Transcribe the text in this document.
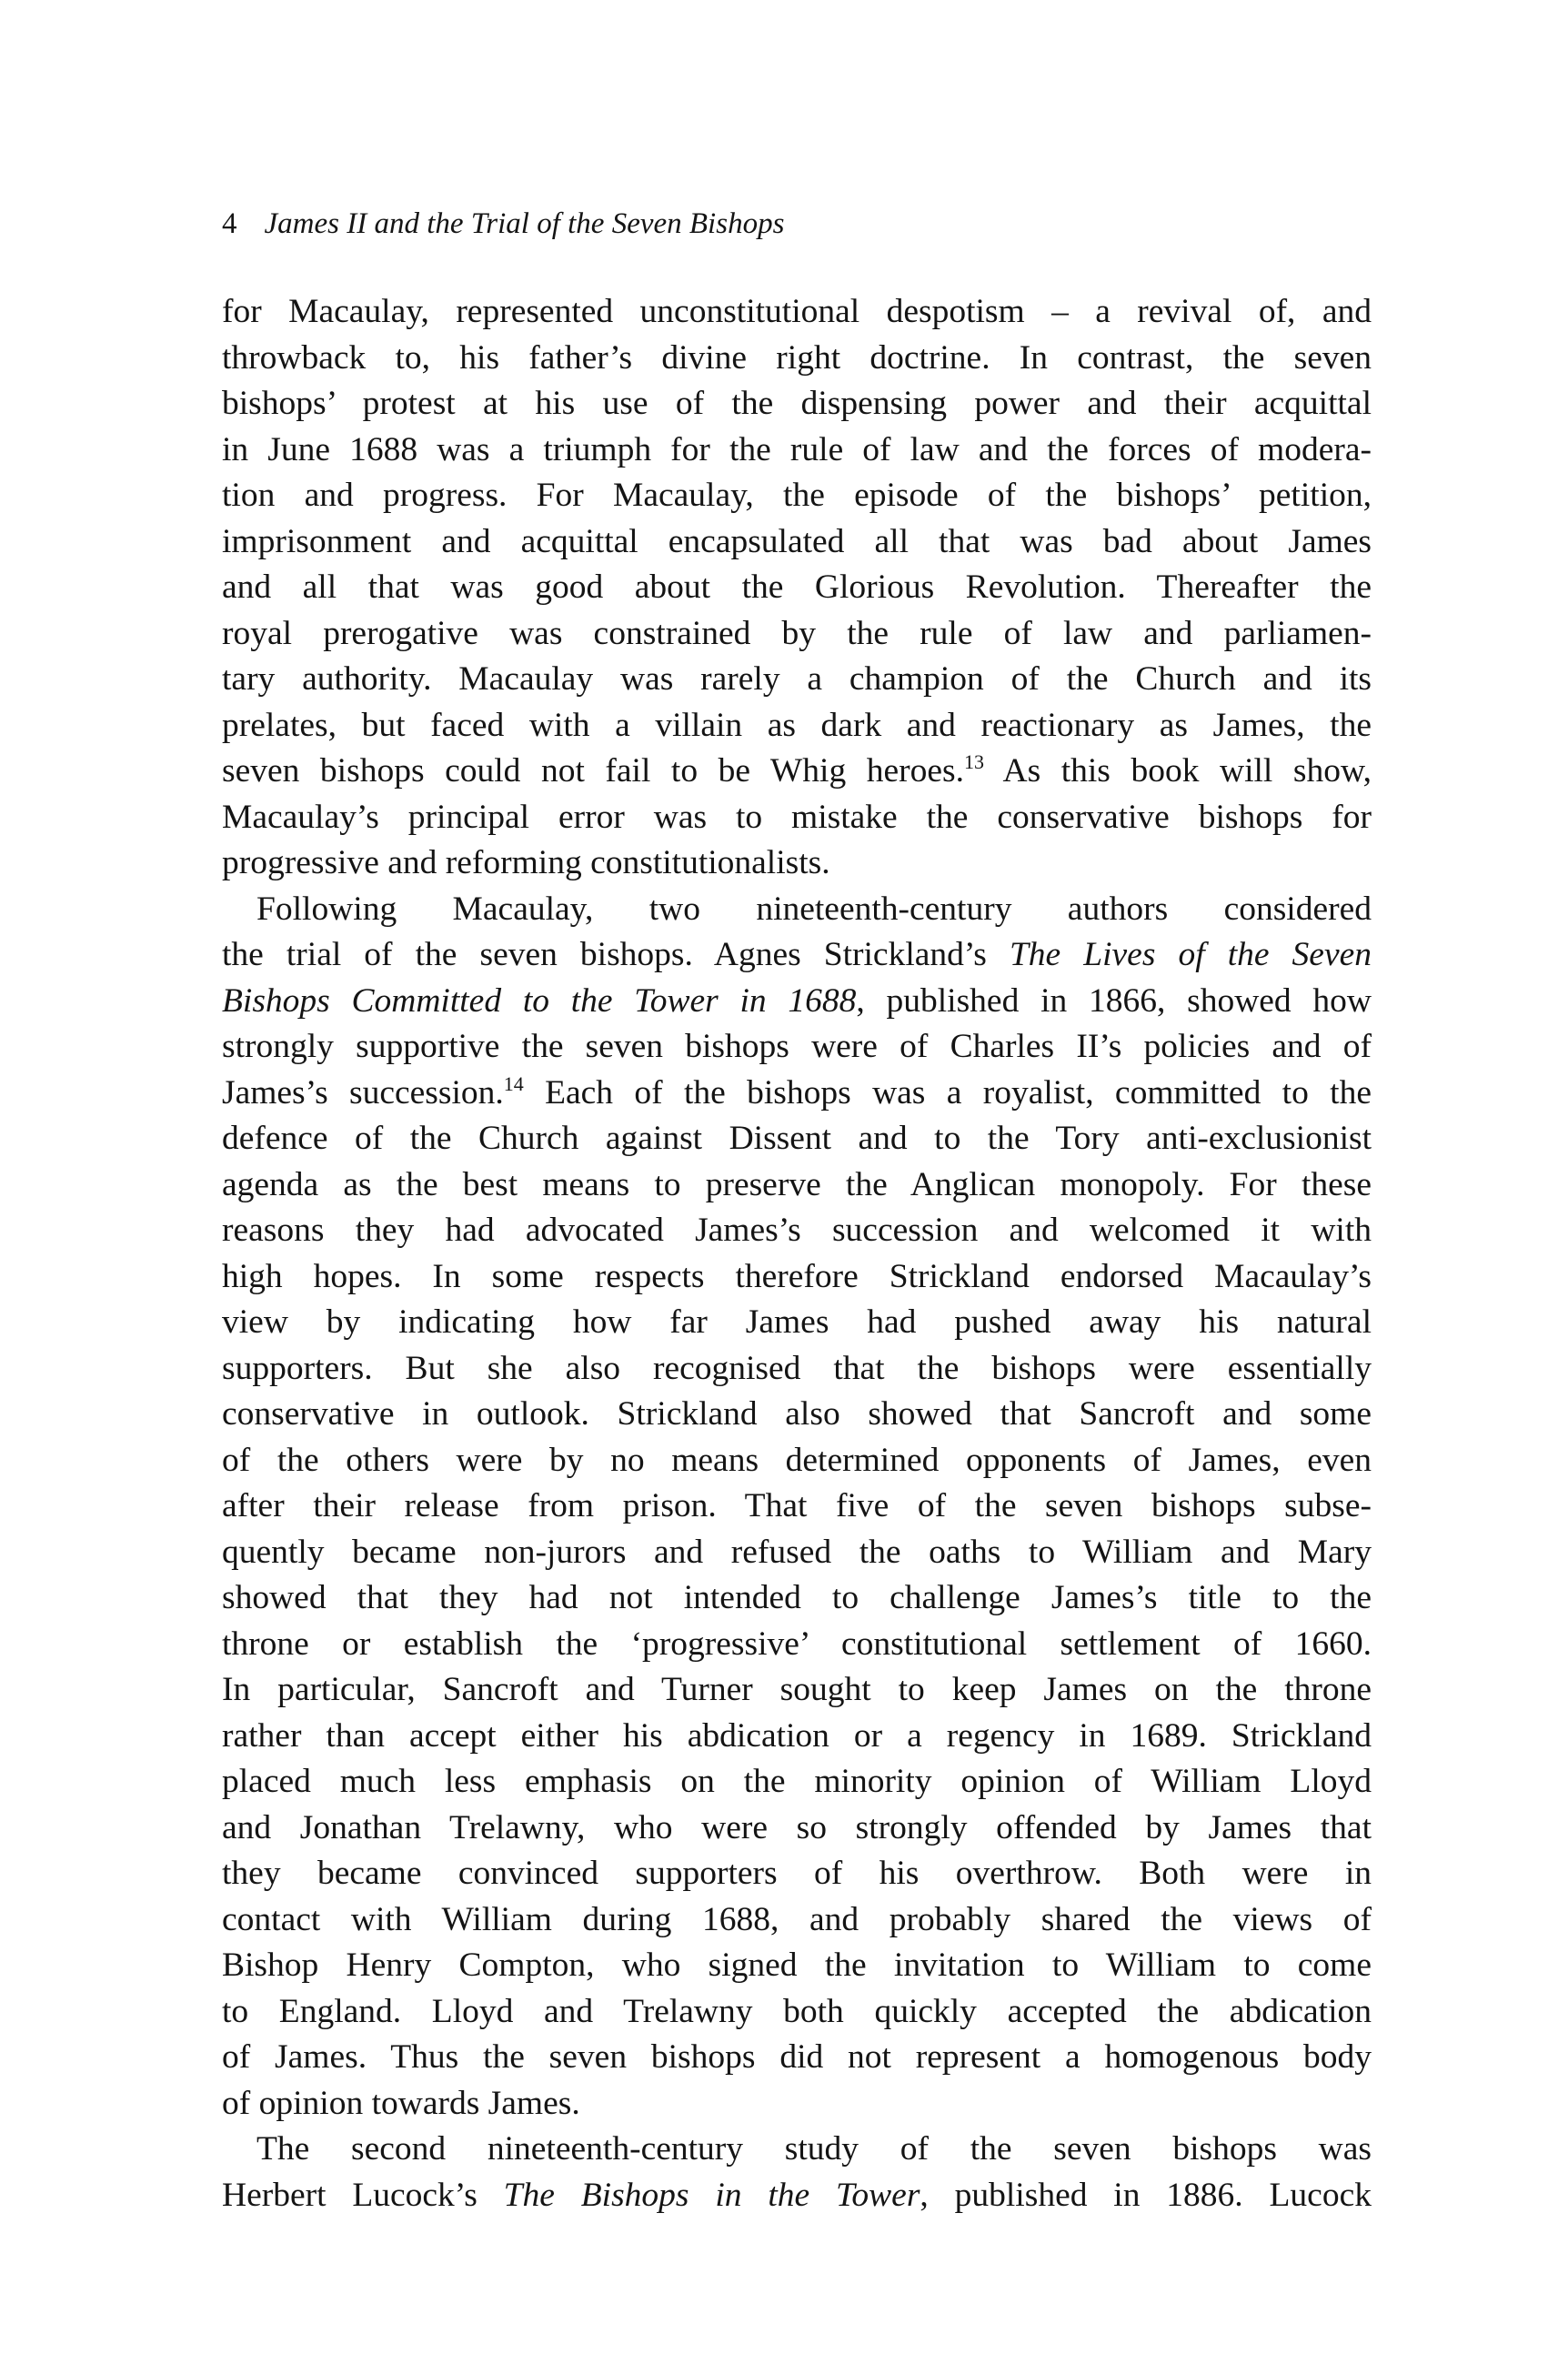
4 James II and the Trial of the Seven Bishops
for Macaulay, represented unconstitutional despotism – a revival of, and
throwback to, his father’s divine right doctrine. In contrast, the seven
bishops’ protest at his use of the dispensing power and their acquittal
in June 1688 was a triumph for the rule of law and the forces of modera-
tion and progress. For Macaulay, the episode of the bishops’ petition,
imprisonment and acquittal encapsulated all that was bad about James
and all that was good about the Glorious Revolution. Thereafter the
royal prerogative was constrained by the rule of law and parliamen-
tary authority. Macaulay was rarely a champion of the Church and its
prelates, but faced with a villain as dark and reactionary as James, the
seven bishops could not fail to be Whig heroes.$^{13}$ As this book will show,
Macaulay’s principal error was to mistake the conservative bishops for
progressive and reforming constitutionalists.
Following Macaulay, two nineteenth-century authors considered
the trial of the seven bishops. Agnes Strickland’s The Lives of the Seven
Bishops Committed to the Tower in 1688, published in 1866, showed how
strongly supportive the seven bishops were of Charles II’s policies and of
James’s succession.$^{14}$ Each of the bishops was a royalist, committed to the
defence of the Church against Dissent and to the Tory anti-exclusionist
agenda as the best means to preserve the Anglican monopoly. For these
reasons they had advocated James’s succession and welcomed it with
high hopes. In some respects therefore Strickland endorsed Macaulay’s
view by indicating how far James had pushed away his natural
supporters. But she also recognised that the bishops were essentially
conservative in outlook. Strickland also showed that Sancroft and some
of the others were by no means determined opponents of James, even
after their release from prison. That five of the seven bishops subse-
quently became non-jurors and refused the oaths to William and Mary
showed that they had not intended to challenge James’s title to the
throne or establish the ‘progressive’ constitutional settlement of 1660.
In particular, Sancroft and Turner sought to keep James on the throne
rather than accept either his abdication or a regency in 1689. Strickland
placed much less emphasis on the minority opinion of William Lloyd
and Jonathan Trelawny, who were so strongly offended by James that
they became convinced supporters of his overthrow. Both were in
contact with William during 1688, and probably shared the views of
Bishop Henry Compton, who signed the invitation to William to come
to England. Lloyd and Trelawny both quickly accepted the abdication
of James. Thus the seven bishops did not represent a homogenous body
of opinion towards James.
The second nineteenth-century study of the seven bishops was
Herbert Lucock’s The Bishops in the Tower, published in 1886. Lucock
